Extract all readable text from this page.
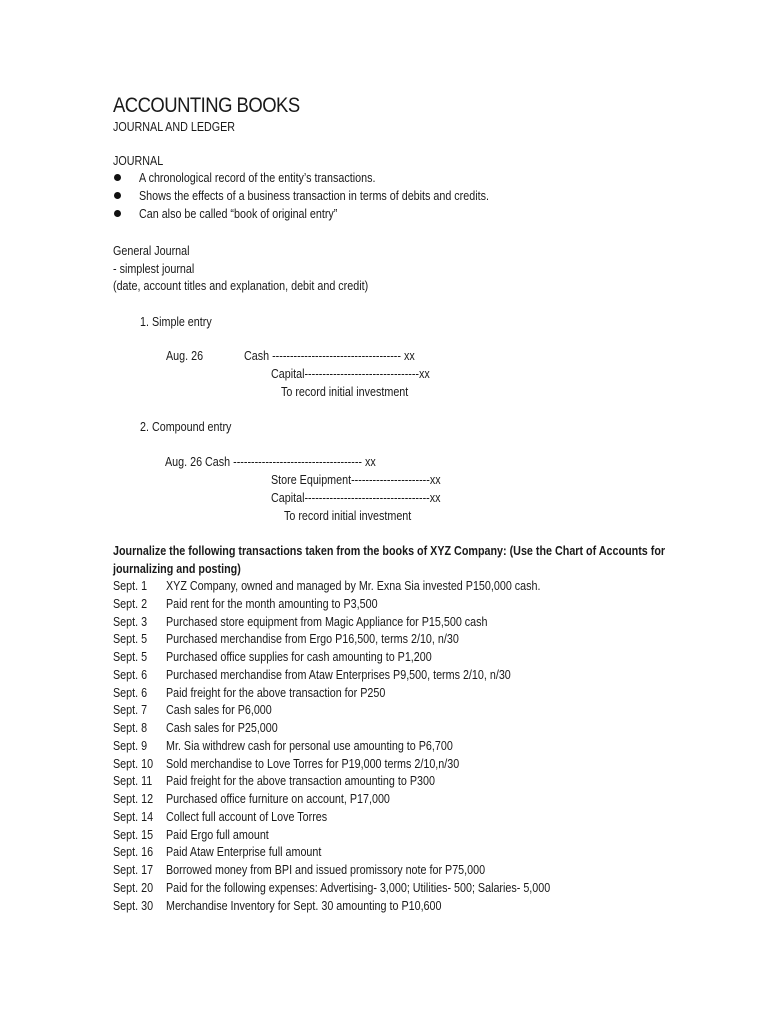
ACCOUNTING BOOKS
JOURNAL AND LEDGER
JOURNAL
A chronological record of the entity’s transactions.
Shows the effects of a business transaction in terms of debits and credits.
Can also be called “book of original entry”
General Journal
- simplest journal
(date, account titles and explanation, debit and credit)
1. Simple entry
Aug. 26	Cash ------------------------------------ xx
Capital--------------------------------xx
To record initial investment
2. Compound entry
Aug. 26 Cash ------------------------------------ xx
Store Equipment----------------------xx
Capital-----------------------------------xx
To record initial investment
Journalize the following transactions taken from the books of XYZ Company: (Use the Chart of Accounts for
journalizing and posting)
Sept. 1 XYZ Company, owned and managed by Mr. Exna Sia invested P150,000 cash.
Sept. 2 Paid rent for the month amounting to P3,500
Sept. 3 Purchased store equipment from Magic Appliance for P15,500 cash
Sept. 5 Purchased merchandise from Ergo P16,500, terms 2/10, n/30
Sept. 5 Purchased office supplies for cash amounting to P1,200
Sept. 6 Purchased merchandise from Ataw Enterprises P9,500, terms 2/10, n/30
Sept. 6 Paid freight for the above transaction for P250
Sept. 7 Cash sales for P6,000
Sept. 8 Cash sales for P25,000
Sept. 9 Mr. Sia withdrew cash for personal use amounting to P6,700
Sept. 10 Sold merchandise to Love Torres for P19,000 terms 2/10,n/30
Sept. 11 Paid freight for the above transaction amounting to P300
Sept. 12 Purchased office furniture on account, P17,000
Sept. 14 Collect full account of Love Torres
Sept. 15 Paid Ergo full amount
Sept. 16 Paid Ataw Enterprise full amount
Sept. 17 Borrowed money from BPI and issued promissory note for P75,000
Sept. 20 Paid for the following expenses: Advertising- 3,000; Utilities- 500; Salaries- 5,000
Sept. 30 Merchandise Inventory for Sept. 30 amounting to P10,600
